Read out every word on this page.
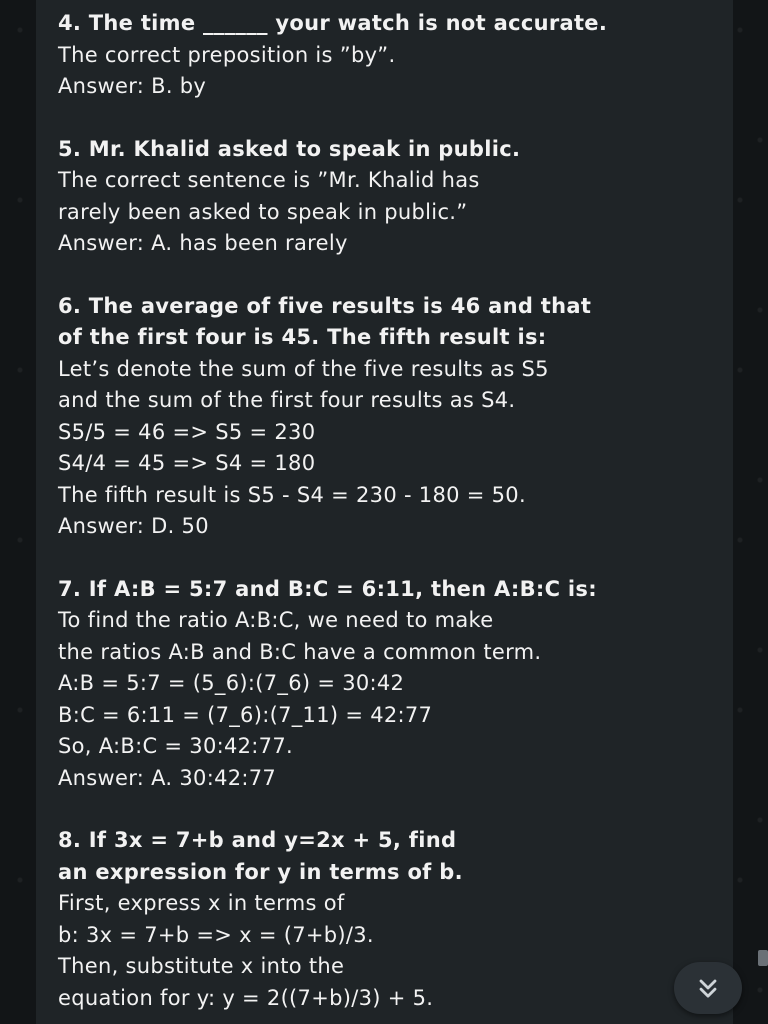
4. The time ______ your watch is not accurate.
The correct preposition is ”by”.
Answer: B. by
5. Mr. Khalid asked to speak in public.
The correct sentence is ”Mr. Khalid has
rarely been asked to speak in public.”
Answer: A. has been rarely
6. The average of five results is 46 and that
of the first four is 45. The fifth result is:
Let’s denote the sum of the five results as S5
and the sum of the first four results as S4.
S5/5 = 46 => S5 = 230
S4/4 = 45 => S4 = 180
The fifth result is S5 - S4 = 230 - 180 = 50.
Answer: D. 50
7. If A:B = 5:7 and B:C = 6:11, then A:B:C is:
To find the ratio A:B:C, we need to make
the ratios A:B and B:C have a common term.
A:B = 5:7 = (5_6):(7_6) = 30:42
B:C = 6:11 = (7_6):(7_11) = 42:77
So, A:B:C = 30:42:77.
Answer: A. 30:42:77
8. If 3x = 7+b and y=2x + 5, find
an expression for y in terms of b.
First, express x in terms of
b: 3x = 7+b => x = (7+b)/3.
Then, substitute x into the
equation for y: y = 2((7+b)/3) + 5.
